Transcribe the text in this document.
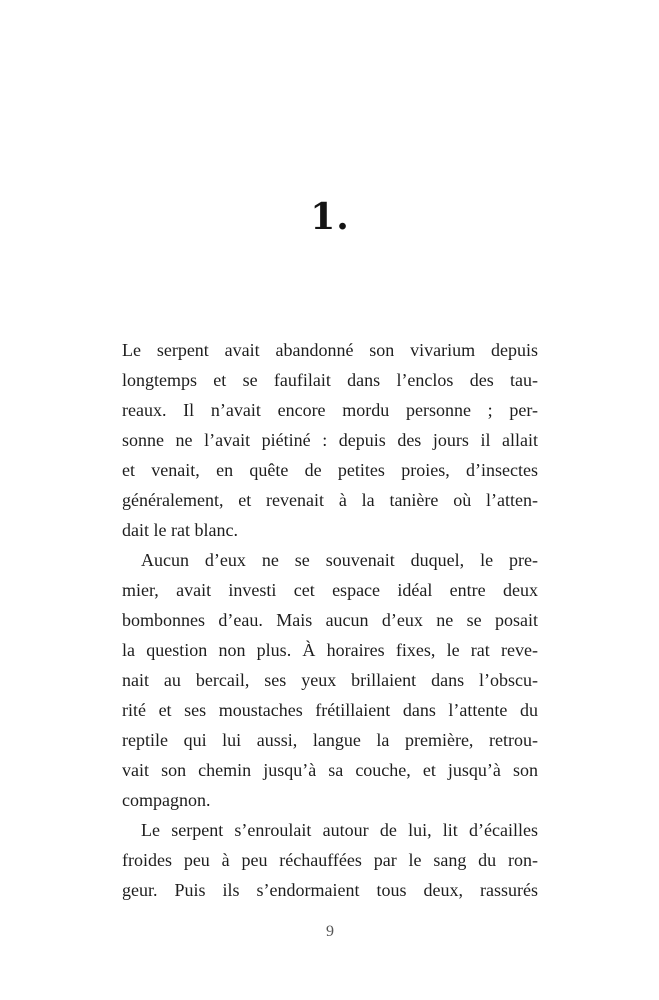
1.
Le serpent avait abandonné son vivarium depuis
longtemps et se faufilait dans l’enclos des tau-
reaux. Il n’avait encore mordu personne ; per-
sonne ne l’avait piétiné : depuis des jours il allait
et venait, en quête de petites proies, d’insectes
généralement, et revenait à la tanière où l’atten-
dait le rat blanc.
Aucun d’eux ne se souvenait duquel, le pre-
mier, avait investi cet espace idéal entre deux
bombonnes d’eau. Mais aucun d’eux ne se posait
la question non plus. À horaires fixes, le rat reve-
nait au bercail, ses yeux brillaient dans l’obscu-
rité et ses moustaches frétillaient dans l’attente du
reptile qui lui aussi, langue la première, retrou-
vait son chemin jusqu’à sa couche, et jusqu’à son
compagnon.
Le serpent s’enroulait autour de lui, lit d’écailles
froides peu à peu réchauffées par le sang du ron-
geur. Puis ils s’endormaient tous deux, rassurés
9
